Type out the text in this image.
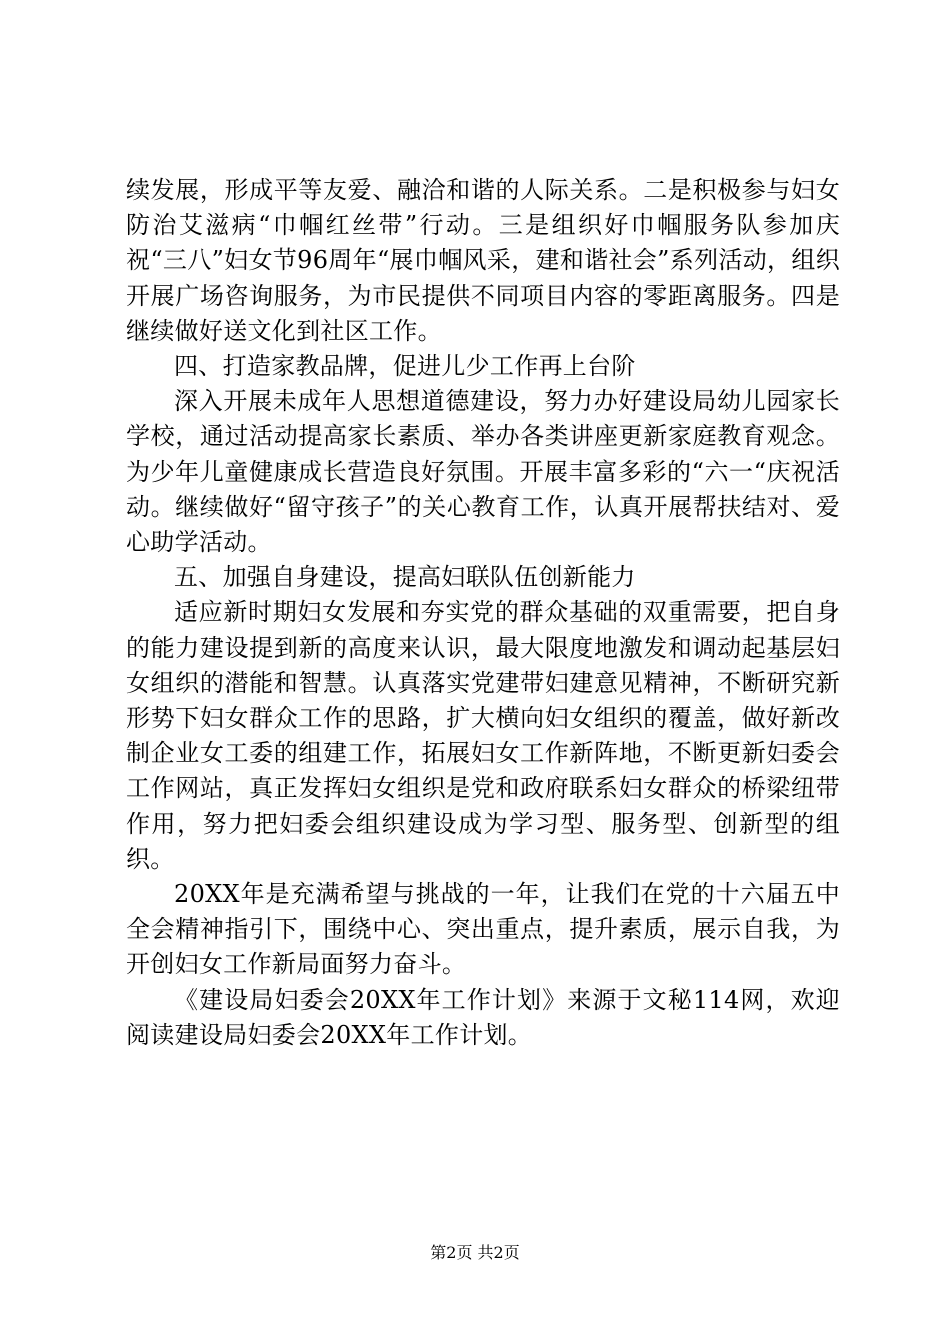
续发展，形成平等友爱、融洽和谐的人际关系。二是积极参与妇女防治艾滋病“巾帼红丝带”行动。三是组织好巾帼服务队参加庆祝“三八”妇女节96周年“展巾帼风采，建和谐社会”系列活动，组织开展广场咨询服务，为市民提供不同项目内容的零距离服务。四是继续做好送文化到社区工作。

四、打造家教品牌，促进儿少工作再上台阶

深入开展未成年人思想道德建设，努力办好建设局幼儿园家长学校，通过活动提高家长素质、举办各类讲座更新家庭教育观念。为少年儿童健康成长营造良好氛围。开展丰富多彩的“六一“庆祝活动。继续做好“留守孩子”的关心教育工作，认真开展帮扶结对、爱心助学活动。

五、加强自身建设，提高妇联队伍创新能力

适应新时期妇女发展和夯实党的群众基础的双重需要，把自身的能力建设提到新的高度来认识，最大限度地激发和调动起基层妇女组织的潜能和智慧。认真落实党建带妇建意见精神，不断研究新形势下妇女群众工作的思路，扩大横向妇女组织的覆盖，做好新改制企业女工委的组建工作，拓展妇女工作新阵地，不断更新妇委会工作网站，真正发挥妇女组织是党和政府联系妇女群众的桥梁纽带作用，努力把妇委会组织建设成为学习型、服务型、创新型的组织。

20XX年是充满希望与挑战的一年，让我们在党的十六届五中全会精神指引下，围绕中心、突出重点，提升素质，展示自我，为开创妇女工作新局面努力奋斗。

《建设局妇委会20XX年工作计划》来源于文秘114网，欢迎阅读建设局妇委会20XX年工作计划。

第2页 共2页
